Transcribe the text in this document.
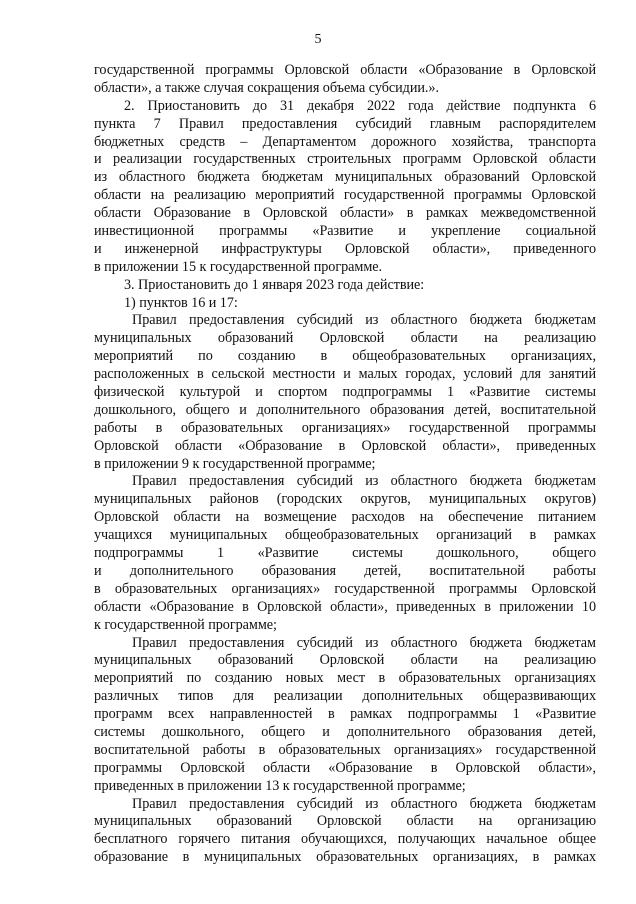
5
государственной программы Орловской области «Образование в Орловской
области», а также случая сокращения объема субсидии.».
2. Приостановить до 31 декабря 2022 года действие подпункта 6
пункта 7 Правил предоставления субсидий главным распорядителем
бюджетных средств – Департаментом дорожного хозяйства, транспорта
и реализации государственных строительных программ Орловской области
из областного бюджета бюджетам муниципальных образований Орловской
области на реализацию мероприятий государственной программы Орловской
области Образование в Орловской области» в рамках межведомственной
инвестиционной программы «Развитие и укрепление социальной
и инженерной инфраструктуры Орловской области», приведенного
в приложении 15 к государственной программе.
3. Приостановить до 1 января 2023 года действие:
1) пунктов 16 и 17:
Правил предоставления субсидий из областного бюджета бюджетам
муниципальных образований Орловской области на реализацию
мероприятий по созданию в общеобразовательных организациях,
расположенных в сельской местности и малых городах, условий для занятий
физической культурой и спортом подпрограммы 1 «Развитие системы
дошкольного, общего и дополнительного образования детей, воспитательной
работы в образовательных организациях» государственной программы
Орловской области «Образование в Орловской области», приведенных
в приложении 9 к государственной программе;
Правил предоставления субсидий из областного бюджета бюджетам
муниципальных районов (городских округов, муниципальных округов)
Орловской области на возмещение расходов на обеспечение питанием
учащихся муниципальных общеобразовательных организаций в рамках
подпрограммы 1 «Развитие системы дошкольного, общего
и дополнительного образования детей, воспитательной работы
в образовательных организациях» государственной программы Орловской
области «Образование в Орловской области», приведенных в приложении 10
к государственной программе;
Правил предоставления субсидий из областного бюджета бюджетам
муниципальных образований Орловской области на реализацию
мероприятий по созданию новых мест в образовательных организациях
различных типов для реализации дополнительных общеразвивающих
программ всех направленностей в рамках подпрограммы 1 «Развитие
системы дошкольного, общего и дополнительного образования детей,
воспитательной работы в образовательных организациях» государственной
программы Орловской области «Образование в Орловской области»,
приведенных в приложении 13 к государственной программе;
Правил предоставления субсидий из областного бюджета бюджетам
муниципальных образований Орловской области на организацию
бесплатного горячего питания обучающихся, получающих начальное общее
образование в муниципальных образовательных организациях, в рамках
